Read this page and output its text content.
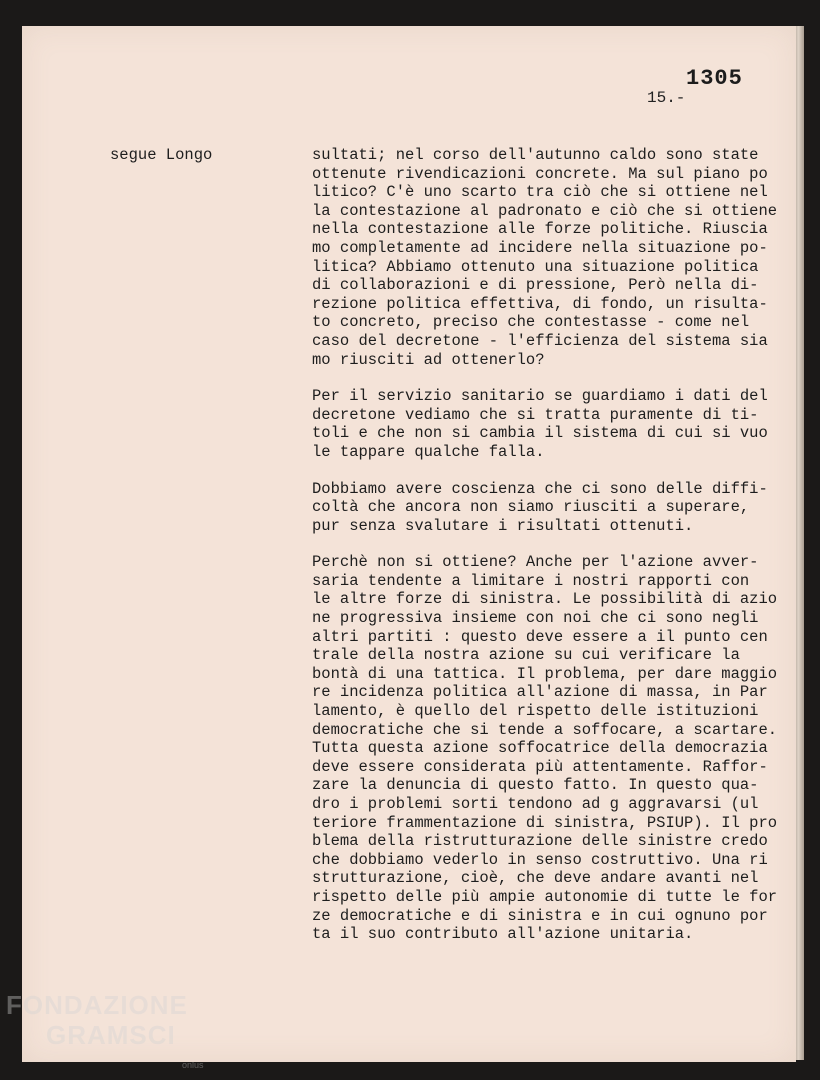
1305
15.-
segue Longo	sultati; nel corso dell'autunno caldo sono state
ottenute rivendicazioni concrete. Ma sul piano po
litico? C'è uno scarto tra ciò che si ottiene nel
la contestazione al padronato e ciò che si ottiene
nella contestazione alle forze politiche. Riuscia
mo completamente ad incidere nella situazione po-
litica? Abbiamo ottenuto una situazione politica
di collaborazioni e di pressione, Però nella di-
rezione politica effettiva, di fondo, un risulta-
to concreto, preciso che contestasse - come nel
caso del decretone - l'efficienza del sistema sia
mo riusciti ad ottenerlo?
Per il servizio sanitario se guardiamo i dati del
decretone vediamo che si tratta puramente di ti-
toli e che non si cambia il sistema di cui si vuo
le tappare qualche falla.
Dobbiamo avere coscienza che ci sono delle diffi-
coltà che ancora non siamo riusciti a superare,
pur senza svalutare i risultati ottenuti.
Perchè non si ottiene? Anche per l'azione avver-
saria tendente a limitare i nostri rapporti con
le altre forze di sinistra. Le possibilità di azio
ne progressiva insieme con noi che ci sono negli
altri partiti : questo deve essere a il punto cen
trale della nostra azione su cui verificare la
bontà di una tattica. Il problema, per dare maggio
re incidenza politica all'azione di massa, in Par
lamento, è quello del rispetto delle istituzioni
democratiche che si tende a soffocare, a scartare.
Tutta questa azione soffocatrice della democrazia
deve essere considerata più attentamente. Raffor-
zare la denuncia di questo fatto. In questo qua-
dro i problemi sorti tendono ad g aggravarsi (ul
teriore frammentazione di sinistra, PSIUP). Il pro
blema della ristrutturazione delle sinistre credo
che dobbiamo vederlo in senso costruttivo. Una ri
strutturazione, cioè, che deve andare avanti nel
rispetto delle più ampie autonomie di tutte le for
ze democratiche e di sinistra e in cui ognuno por
ta il suo contributo all'azione unitaria.
FONDAZIONE
GRAMSCI
onlus
